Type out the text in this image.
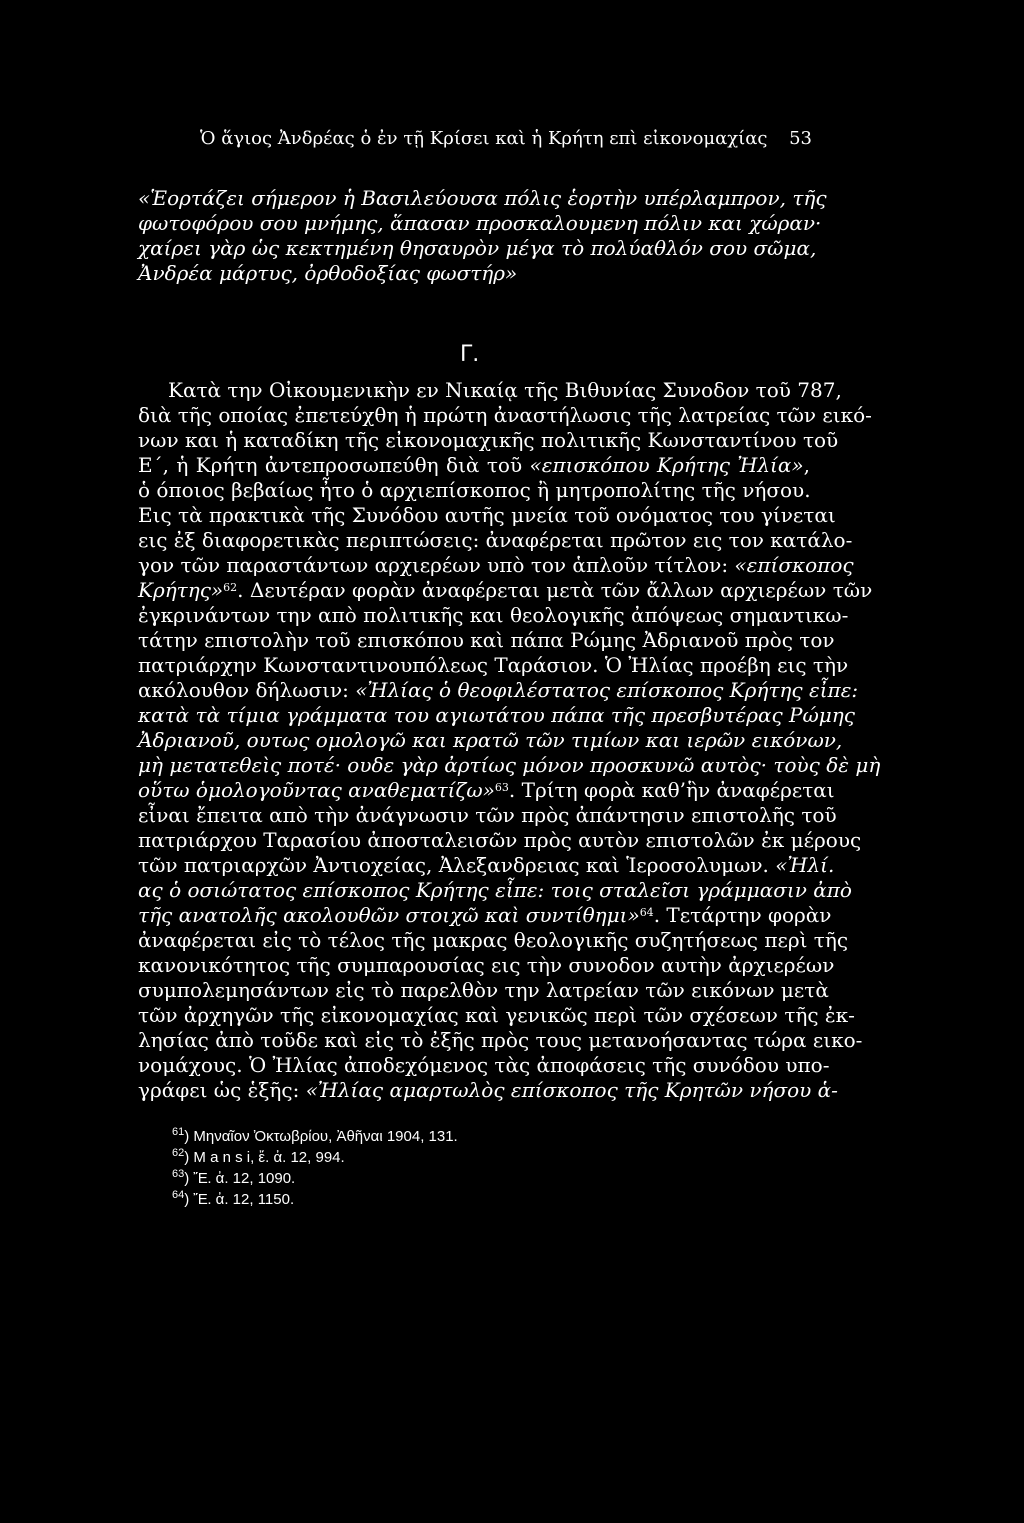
Ὁ ἅγιος Ἀνδρέας ὁ ἐν τῇ Κρίσει καὶ ἡ Κρήτη επὶ εἰκονομαχίας 53
«Ἑορτάζει σήμερον ἡ Βασιλεύουσα πόλις ἑορτὴν υπέρλαμπρον, τῆς
φωτοφόρου σου μνήμης, ἅπασαν προσκαλουμενη πόλιν και χώραν·
χαίρει γὰρ ὡς κεκτημένη θησαυρὸν μέγα τὸ πολύαθλόν σου σῶμα,
Ἀνδρέα μάρτυς, ὀρθοδοξίας φωστήρ»
Γ.
Κατὰ την Οἰκουμενικὴν εν Νικαίᾳ τῆς Βιθυνίας Συνοδον τοῦ 787,
διὰ τῆς οποίας ἐπετεύχθη ἡ πρώτη ἀναστήλωσις τῆς λατρείας τῶν εικό-
νων και ἡ καταδίκη τῆς εἰκονομαχικῆς πολιτικῆς Κωνσταντίνου τοῦ
Ε΄, ἡ Κρήτη ἀντεπροσωπεύθη διὰ τοῦ «επισκόπου Κρήτης Ἠλία»,
ὁ όποιος βεβαίως ἦτο ὁ αρχιεπίσκοπος ἢ μητροπολίτης τῆς νήσου.
Εις τὰ πρακτικὰ τῆς Συνόδου αυτῆς μνεία τοῦ ονόματος του γίνεται
εις ἐξ διαφορετικὰς περιπτώσεις: ἀναφέρεται πρῶτον εις τον κατάλο-
γον τῶν παραστάντων αρχιερέων υπὸ τον ἁπλοῦν τίτλον: «επίσκοπος
Κρήτης»$^{62}$. Δευτέραν φορὰν ἀναφέρεται μετὰ τῶν ἄλλων αρχιερέων τῶν
ἐγκρινάντων την απὸ πολιτικῆς και θεολογικῆς ἀπόψεως σημαντικω-
τάτην επιστολὴν τοῦ επισκόπου καὶ πάπα Ρώμης Ἀδριανοῦ πρὸς τον
πατριάρχην Κωνσταντινουπόλεως Ταράσιον. Ὁ Ἠλίας προέβη εις τὴν
ακόλουθον δήλωσιν: «Ἠλίας ὁ θεοφιλέστατος επίσκοπος Κρήτης εἶπε:
κατὰ τὰ τίμια γράμματα του αγιωτάτου πάπα τῆς πρεσβυτέρας Ρώμης
Ἀδριανοῦ, ουτως ομολογῶ και κρατῶ τῶν τιμίων και ιερῶν εικόνων,
μὴ μετατεθεὶς ποτέ· ουδε γὰρ ἀρτίως μόνον προσκυνῶ αυτὸς· τοὺς δὲ μὴ
οὕτω ὁμολογοῦντας αναθεματίζω»$^{63}$. Τρίτη φορὰ καθ’ἣν ἀναφέρεται
εἶναι ἔπειτα απὸ τὴν ἀνάγνωσιν τῶν πρὸς ἀπάντησιν επιστολῆς τοῦ
πατριάρχου Ταρασίου ἀποσταλεισῶν πρὸς αυτὸν επιστολῶν ἐκ μέρους
τῶν πατριαρχῶν Ἀντιοχείας, Ἀλεξανδρειας καὶ Ἱεροσολυμων. «Ἠλί.
ας ὁ οσιώτατος επίσκοπος Κρήτης εἶπε: τοις σταλεῖσι γράμμασιν ἀπὸ
τῆς ανατολῆς ακολουθῶν στοιχῶ καὶ συντίθημι»$^{64}$. Τετάρτην φορὰν
ἀναφέρεται εἰς τὸ τέλος τῆς μακρας θεολογικῆς συζητήσεως περὶ τῆς
κανονικότητος τῆς συμπαρουσίας εις τὴν συνοδον αυτὴν ἀρχιερέων
συμπολεμησάντων εἰς τὸ παρελθὸν την λατρείαν τῶν εικόνων μετὰ
τῶν ἀρχηγῶν τῆς εἰκονομαχίας καὶ γενικῶς περὶ τῶν σχέσεων τῆς ἐκ-
λησίας ἀπὸ τοῦδε καὶ εἰς τὸ ἐξῆς πρὸς τους μετανοήσαντας τώρα εικο-
νομάχους. Ὁ Ἠλίας ἀποδεχόμενος τὰς ἀποφάσεις τῆς συνόδου υπο-
γράφει ὡς ἑξῆς: «Ἠλίας αμαρτωλὸς επίσκοπος τῆς Κρητῶν νήσου ἁ-
$^{61}$) Μηναῖον Ὀκτωβρίου, Ἀθῆναι 1904, 131.
$^{62}$) M a n s i, ἔ. ἀ. 12, 994.
$^{63}$) Ἔ. ἀ. 12, 1090.
$^{64}$) Ἔ. ἀ. 12, 1150.
